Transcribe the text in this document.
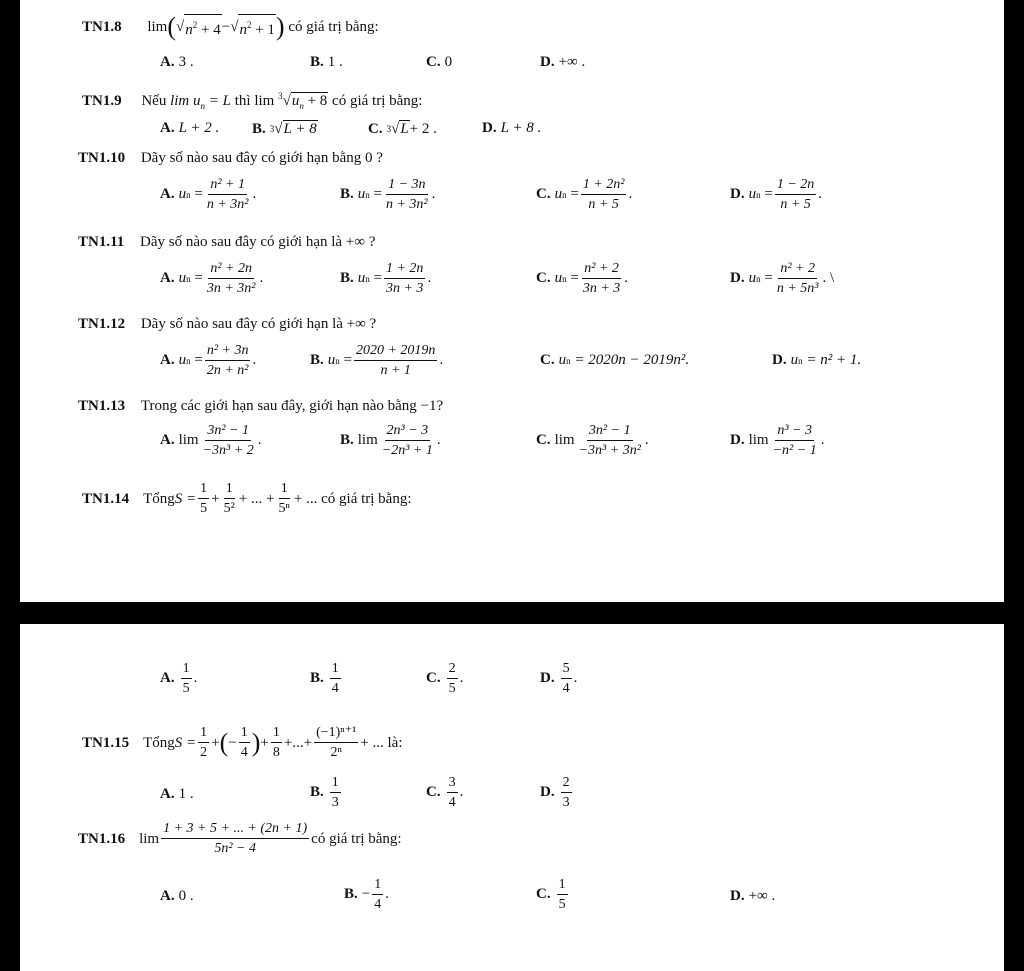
TN1.8 lim ( √ $n^2 + 4$ − √ $n^2 + 1$ ) có giá trị bằng:
A. 3 .	B. 1 .	C. 0	D. +∞ .
TN1.9 Nếu $\lim u_n = L$ thì $\lim ^3√u_n + 8$ có giá trị bằng:
A. L + 2 . B. 3 √ L + 8	C. 3 √ L + 2 .	D. L + 8 .
TN1.10 Dãy số nào sau đây có giới hạn bằng 0 ?
A. u $n = \frac{\text{n² + 1}}{\text{n + 3n²}}$ .	B. u $n = \frac{1 - 3n}{\text{n + 3n²}}$ .	C. u $n = \frac{\text{1 + 2n²}}{n + 5}$ .	D. u $n = \frac{1 - 2n}{n + 5}$ .
TN1.11 Dãy số nào sau đây có giới hạn là +∞ ?
A. u $n = \frac{\text{n² + 2n}}{\text{3n + 3n²}}$ .	B. u $n = \frac{1 + 2n}{3n + 3}$ .	C. u $n = \frac{\text{n² + 2}}{3n + 3}$ .	D. u $n = \frac{\text{n² + 2}}{\text{n + 5n³}}$ . \
TN1.12 Dãy số nào sau đây có giới hạn là +∞ ?
A. u $n = \frac{\text{n² + 3n}}{\text{2n + n²}}$ .	B. u $n = \frac{2020 + 2019n}{n + 1}$ .	C. u n
= 2020n − 2019n².	D. u n
= n² + 1.
TN1.13 Trong các giới hạn sau đây, giới hạn nào bằng −1?
A. $\lim \frac{\text{3n² − 1}}{\text{−3n³ + 2}}$ .	B. $\lim \frac{\text{2n³ − 3}}{\text{−2n³ + 1}}$ .	C. $\lim \frac{\text{3n² − 1}}{\text{−3n³ + 3n²}}$ .	D. $\lim \frac{\text{n³ − 3}}{\text{−n² − 1}}$ .
TN1.14 Tổng $S = \frac{1}{5} + \frac{1}{\text{5²}}$ + ... + $\frac{1}{\text{5ⁿ}}$ + ... có giá trị bằng:
A. $\frac{1}{5}$ .	B. $\frac{1}{4}$	C. $\frac{2}{5}$ .	D. $\frac{5}{4}$ .
TN1.15 Tổng $S = \frac{1}{2}$ + ( − $\frac{1}{4}$ ) + $\frac{1}{8}$ +...+ $\frac{\text{(−1)ⁿ⁺¹}}{\text{2ⁿ}}$ + ... là:
A. 1 .	B. $\frac{1}{3}$	C. $\frac{3}{4}$ .	D. $\frac{2}{3}$
TN1.16 $\lim \frac{1 + 3 + 5 + ... + (2n + 1)}{\text{5n² − 4}}$ có giá trị bằng:
A. 0 .	B. − $\frac{1}{4}$ .	C. $\frac{1}{5}$	D. +∞ .
